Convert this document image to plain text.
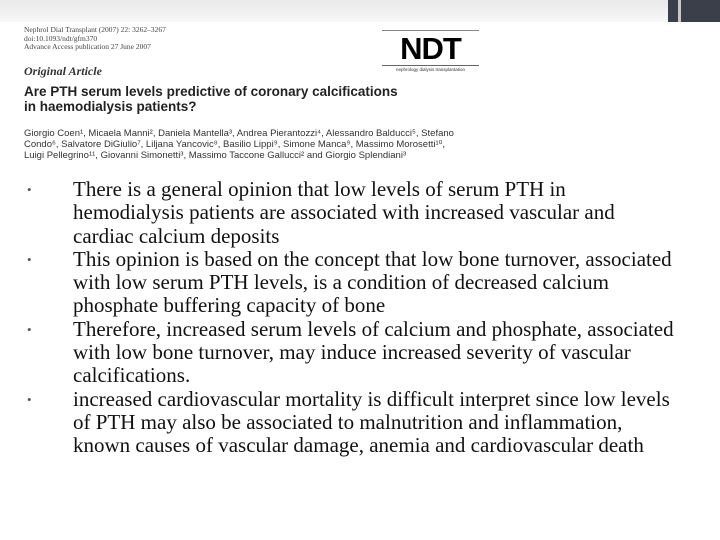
Nephrol Dial Transplant (2007) 22: 3262–3267
doi:10.1093/ndt/gfm370
Advance Access publication 27 June 2007
Original Article
Are PTH serum levels predictive of coronary calcifications in haemodialysis patients?
Giorgio Coen¹, Micaela Manni², Daniela Mantella³, Andrea Pierantozzi⁴, Alessandro Balducci⁵, Stefano Condo⁶, Salvatore DiGiulio⁷, Liljana Yancovic⁸, Basilio Lippi⁹, Simone Manca⁹, Massimo Morosetti¹⁰, Luigi Pellegrino¹¹, Giovanni Simonetti³, Massimo Taccone Gallucci² and Giorgio Splendiani³
NDT
nephrology dialysis transplantation
• There is a general opinion that low levels of serum PTH in hemodialysis patients are associated with increased vascular and cardiac calcium deposits
• This opinion is based on the concept that low bone turnover, associated with low serum PTH levels, is a condition of decreased calcium phosphate buffering capacity of bone
• Therefore, increased serum levels of calcium and phosphate, associated with low bone turnover, may induce increased severity of vascular calcifications.
• increased cardiovascular mortality is difficult interpret since low levels of PTH may also be associated to malnutrition and inflammation, known causes of vascular damage, anemia and cardiovascular death
